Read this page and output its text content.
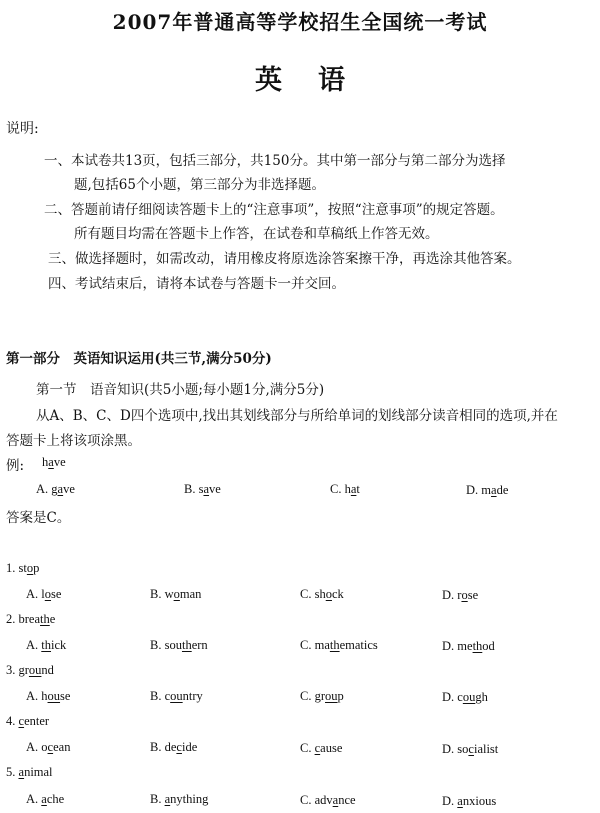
2007年普通高等学校招生全国统一考试
英语
说明:
一、本试卷共13页，包括三部分，共150分。其中第一部分与第二部分为选择
题,包括65个小题，第三部分为非选择题。
二、答题前请仔细阅读答题卡上的“注意事项”，按照“注意事项”的规定答题。
所有题目均需在答题卡上作答，在试卷和草稿纸上作答无效。
三、做选择题时，如需改动，请用橡皮将原选涂答案擦干净，再选涂其他答案。
四、考试结束后，请将本试卷与答题卡一并交回。
第一部分　英语知识运用(共三节,满分50分)
第一节　语音知识(共5小题;每小题1分,满分5分)
从A、B、C、D四个选项中,找出其划线部分与所给单词的划线部分读音相同的选项,并在
答题卡上将该项涂黑。
例: have
A. gave	B. save	C. hat	D. made
答案是C。
1. stop
A. lose	B. woman	C. shock	D. rose
2. breathe
A. thick	B. southern	C. mathematics	D. method
3. ground
A. house	B. country	C. group	D. cough
4. center
A. ocean	B. decide	C. cause	D. socialist
5. animal
A. ache	B. anything	C. advance	D. anxious
